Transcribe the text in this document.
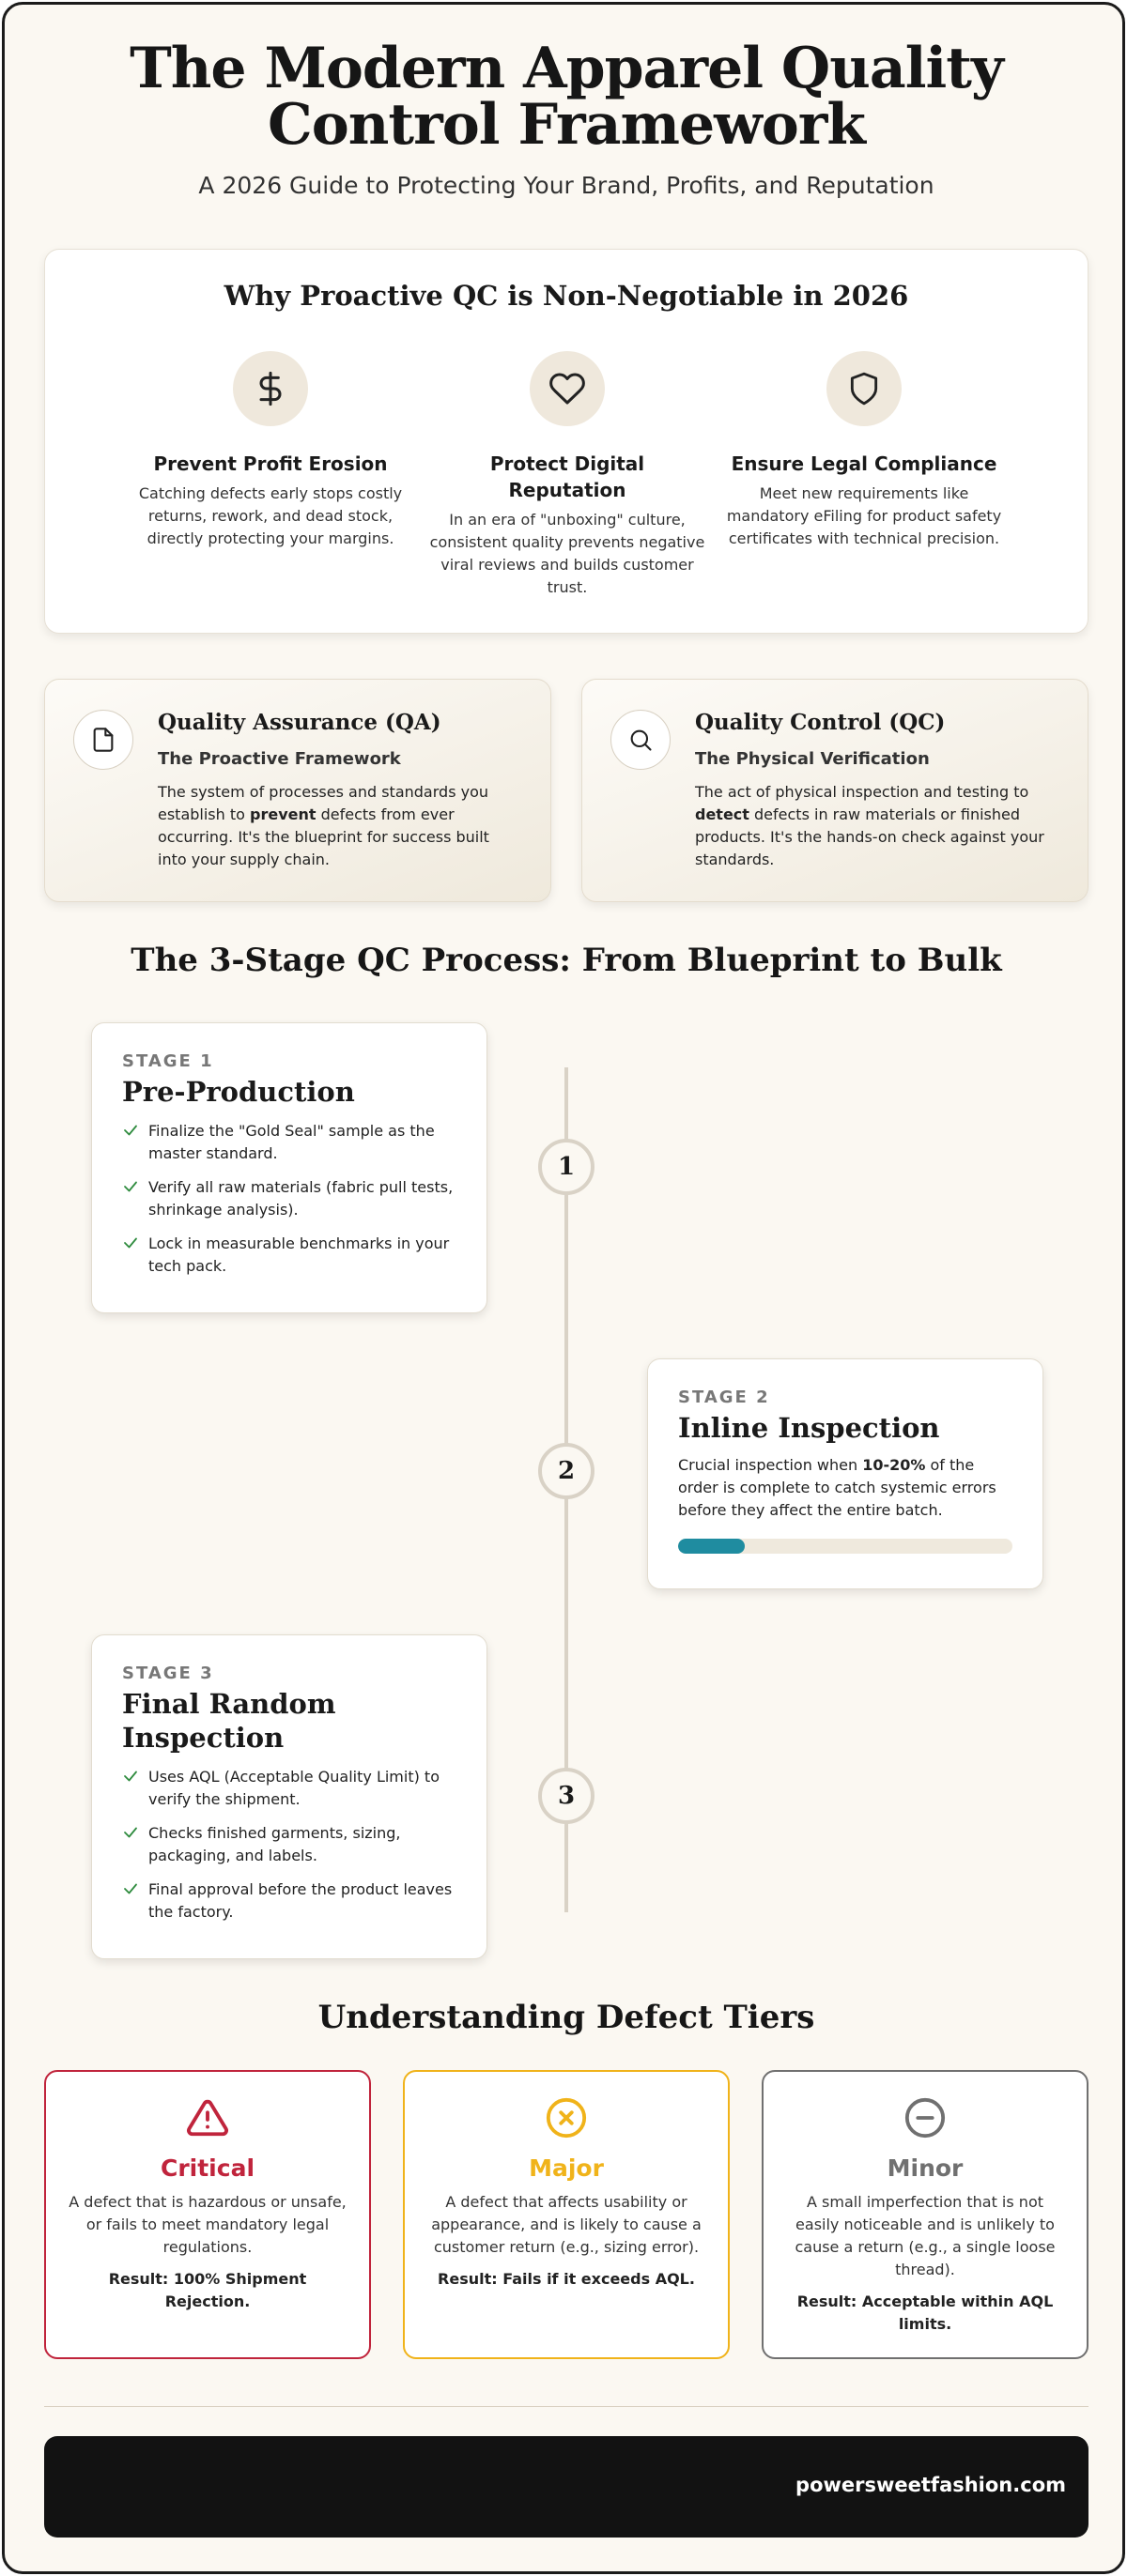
The Modern Apparel Quality Control Framework
A 2026 Guide to Protecting Your Brand, Profits, and Reputation
Why Proactive QC is Non-Negotiable in 2026
Prevent Profit Erosion
Catching defects early stops costly returns, rework, and dead stock, directly protecting your margins.
Protect Digital Reputation
In an era of "unboxing" culture, consistent quality prevents negative viral reviews and builds customer trust.
Ensure Legal Compliance
Meet new requirements like mandatory eFiling for product safety certificates with technical precision.
Quality Assurance (QA)
The Proactive Framework

The system of processes and standards you establish to prevent defects from ever occurring. It's the blueprint for success built into your supply chain.

Quality Control (QC)
The Physical Verification

The act of physical inspection and testing to detect defects in raw materials or finished products. It's the hands-on check against your standards.

The 3-Stage QC Process: From Blueprint to Bulk
1
2
3
STAGE 1
Pre-Production
Finalize the "Gold Seal" sample as the master standard.
Verify all raw materials (fabric pull tests, shrinkage analysis).
Lock in measurable benchmarks in your tech pack.
STAGE 2
Inline Inspection

Crucial inspection when 10-20% of the order is complete to catch systemic errors before they affect the entire batch.

STAGE 3
Final Random Inspection
Uses AQL (Acceptable Quality Limit) to verify the shipment.
Checks finished garments, sizing, packaging, and labels.
Final approval before the product leaves the factory.
Understanding Defect Tiers
Critical
A defect that is hazardous or unsafe, or fails to meet mandatory legal regulations.
Result: 100% Shipment Rejection.
Major
A defect that affects usability or appearance, and is likely to cause a customer return (e.g., sizing error).
Result: Fails if it exceeds AQL.
Minor
A small imperfection that is not easily noticeable and is unlikely to cause a return (e.g., a single loose thread).
Result: Acceptable within AQL limits.
powersweetfashion.com
